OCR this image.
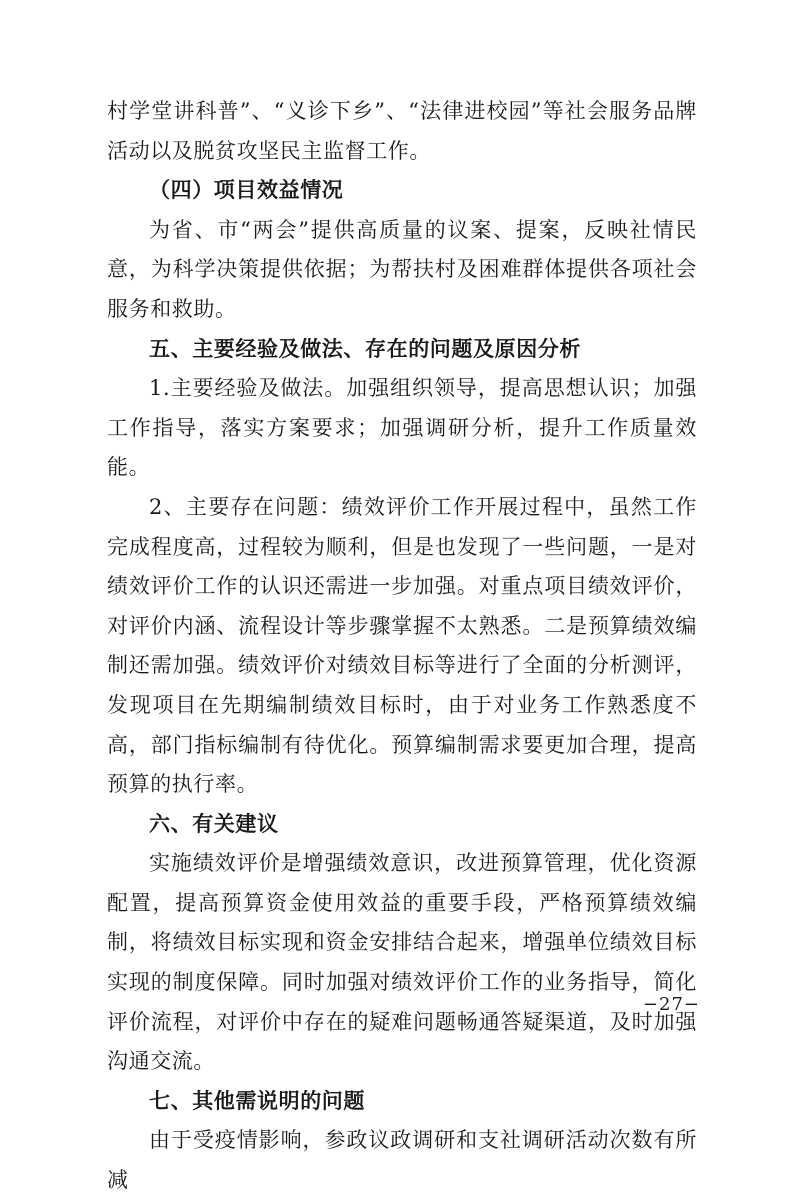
村学堂讲科普”、“义诊下乡”、“法律进校园”等社会服务品牌活动以及脱贫攻坚民主监督工作。

（四）项目效益情况

为省、市“两会”提供高质量的议案、提案，反映社情民意，为科学决策提供依据；为帮扶村及困难群体提供各项社会服务和救助。

五、主要经验及做法、存在的问题及原因分析

1.主要经验及做法。加强组织领导，提高思想认识；加强工作指导，落实方案要求；加强调研分析，提升工作质量效能。

2、主要存在问题：绩效评价工作开展过程中，虽然工作完成程度高，过程较为顺利，但是也发现了一些问题，一是对绩效评价工作的认识还需进一步加强。对重点项目绩效评价，对评价内涵、流程设计等步骤掌握不太熟悉。二是预算绩效编制还需加强。绩效评价对绩效目标等进行了全面的分析测评，发现项目在先期编制绩效目标时，由于对业务工作熟悉度不高，部门指标编制有待优化。预算编制需求要更加合理，提高预算的执行率。

六、有关建议

实施绩效评价是增强绩效意识，改进预算管理，优化资源配置，提高预算资金使用效益的重要手段，严格预算绩效编制，将绩效目标实现和资金安排结合起来，增强单位绩效目标实现的制度保障。同时加强对绩效评价工作的业务指导，简化评价流程，对评价中存在的疑难问题畅通答疑渠道，及时加强沟通交流。

七、其他需说明的问题

由于受疫情影响，参政议政调研和支社调研活动次数有所减

−27−
